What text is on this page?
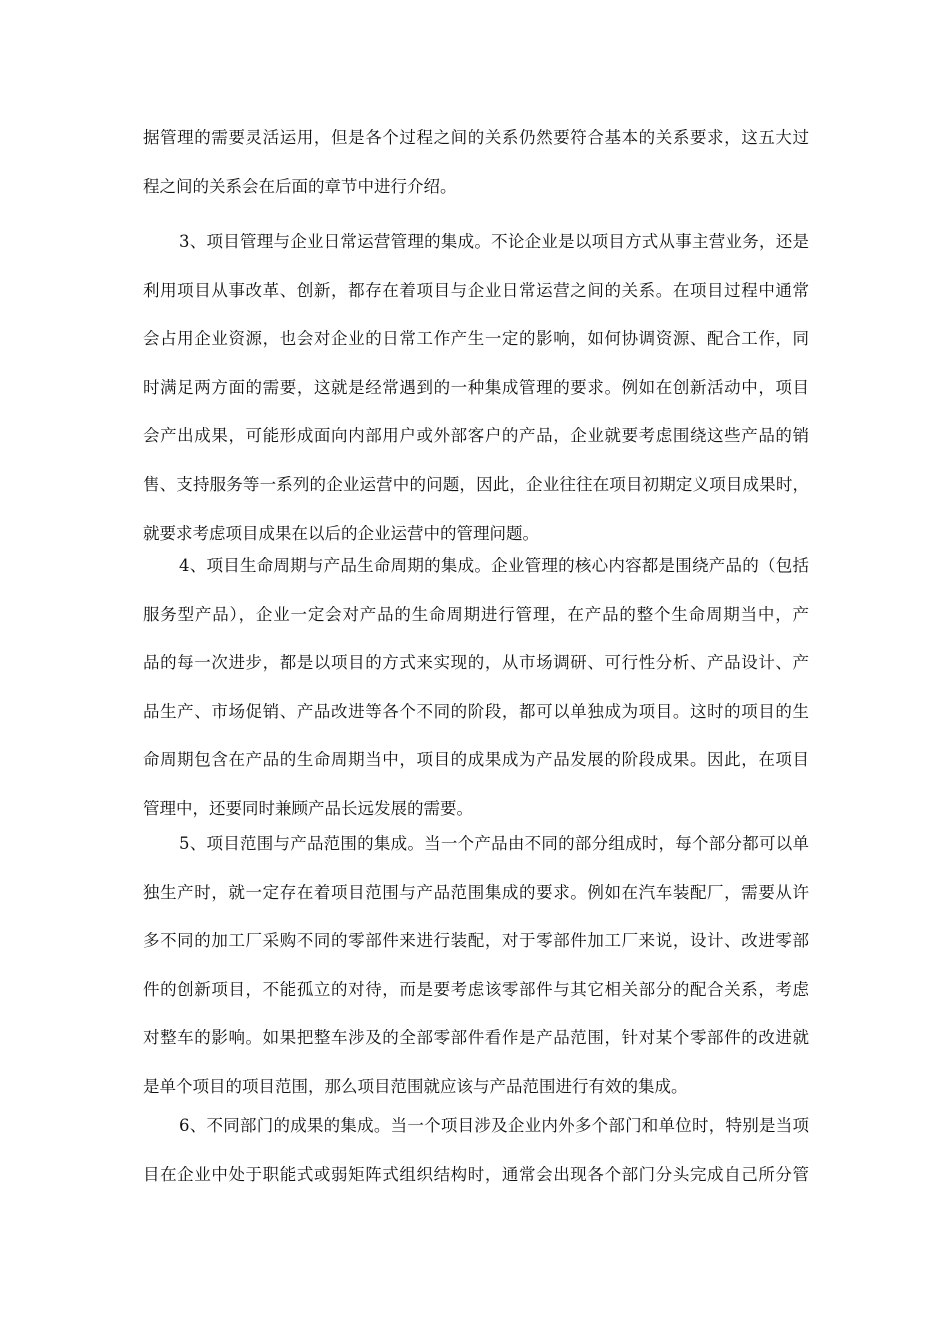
据管理的需要灵活运用，但是各个过程之间的关系仍然要符合基本的关系要求，这五大过
程之间的关系会在后面的章节中进行介绍。
3、项目管理与企业日常运营管理的集成。不论企业是以项目方式从事主营业务，还是
利用项目从事改革、创新，都存在着项目与企业日常运营之间的关系。在项目过程中通常
会占用企业资源，也会对企业的日常工作产生一定的影响，如何协调资源、配合工作，同
时满足两方面的需要，这就是经常遇到的一种集成管理的要求。例如在创新活动中，项目
会产出成果，可能形成面向内部用户或外部客户的产品，企业就要考虑围绕这些产品的销
售、支持服务等一系列的企业运营中的问题，因此，企业往往在项目初期定义项目成果时，
就要求考虑项目成果在以后的企业运营中的管理问题。
4、项目生命周期与产品生命周期的集成。企业管理的核心内容都是围绕产品的（包括
服务型产品），企业一定会对产品的生命周期进行管理，在产品的整个生命周期当中，产
品的每一次进步，都是以项目的方式来实现的，从市场调研、可行性分析、产品设计、产
品生产、市场促销、产品改进等各个不同的阶段，都可以单独成为项目。这时的项目的生
命周期包含在产品的生命周期当中，项目的成果成为产品发展的阶段成果。因此，在项目
管理中，还要同时兼顾产品长远发展的需要。
5、项目范围与产品范围的集成。当一个产品由不同的部分组成时，每个部分都可以单
独生产时，就一定存在着项目范围与产品范围集成的要求。例如在汽车装配厂，需要从许
多不同的加工厂采购不同的零部件来进行装配，对于零部件加工厂来说，设计、改进零部
件的创新项目，不能孤立的对待，而是要考虑该零部件与其它相关部分的配合关系，考虑
对整车的影响。如果把整车涉及的全部零部件看作是产品范围，针对某个零部件的改进就
是单个项目的项目范围，那么项目范围就应该与产品范围进行有效的集成。
6、不同部门的成果的集成。当一个项目涉及企业内外多个部门和单位时，特别是当项
目在企业中处于职能式或弱矩阵式组织结构时，通常会出现各个部门分头完成自己所分管
